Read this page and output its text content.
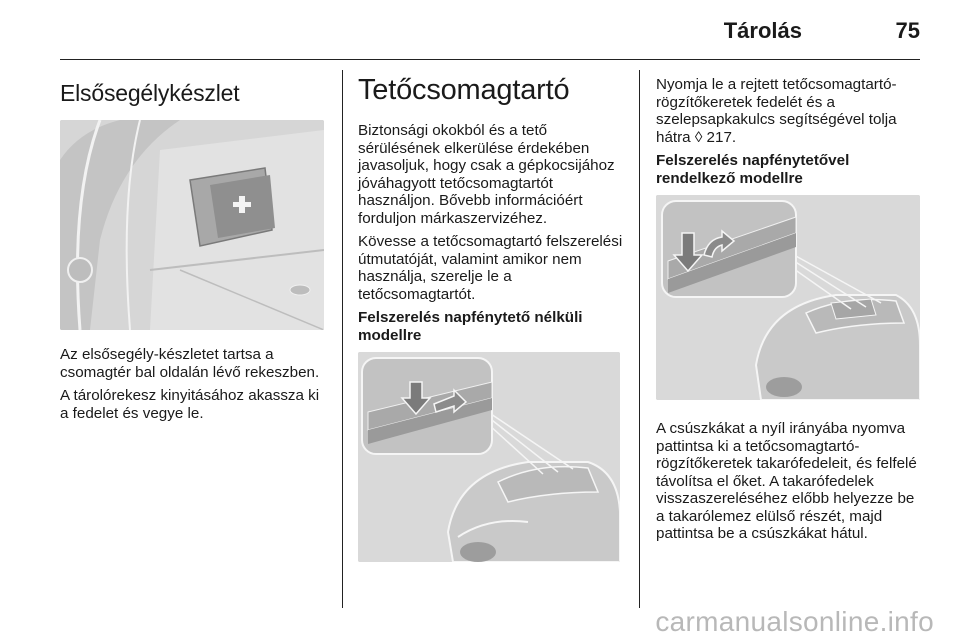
Tárolás	75
Elsősegélykészlet

Az elsősegély-készletet tartsa a csomagtér bal oldalán lévő rekeszben.

A tárolórekesz kinyitásához akassza ki a fedelet és vegye le.

Tetőcsomagtartó

Biztonsági okokból és a tető sérülésének elkerülése érdekében javasoljuk, hogy csak a gépkocsijához jóváhagyott tetőcsomagtartót használjon. Bővebb információért forduljon márkaszervizéhez.

Kövesse a tetőcsomagtartó felszerelési útmutatóját, valamint amikor nem használja, szerelje le a tetőcsomagtartót.

Felszerelés napfénytető nélküli modellre

Nyomja le a rejtett tetőcsomagtartó-rögzítőkeretek fedelét és a szelepsapkakulcs segítségével tolja hátra ◊ 217.

Felszerelés napfénytetővel rendelkező modellre

A csúszkákat a nyíl irányába nyomva pattintsa ki a tetőcsomagtartó-rögzítőkeretek takarófedeleit, és felfelé távolítsa el őket. A takarófedelek visszaszereléséhez előbb helyezze be a takarólemez elülső részét, majd pattintsa be a csúszkákat hátul.

carmanualsonline.info
